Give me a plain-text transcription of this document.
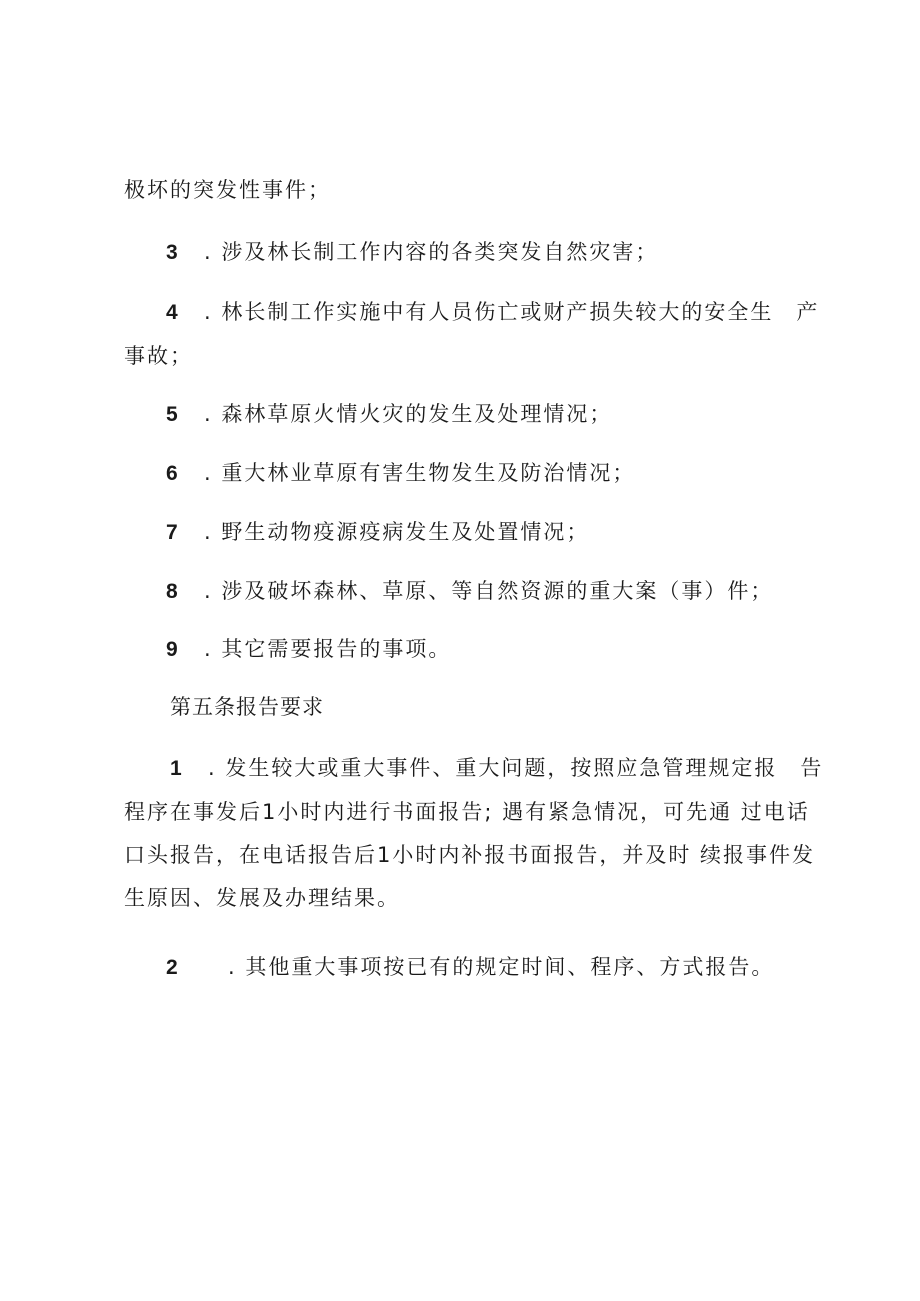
极坏的突发性事件；
3 . 涉及林长制工作内容的各类突发自然灾害；
4 . 林长制工作实施中有人员伤亡或财产损失较大的安全生　产
事故；
5 . 森林草原火情火灾的发生及处理情况；
6 . 重大林业草原有害生物发生及防治情况；
7 . 野生动物疫源疫病发生及处置情况；
8 . 涉及破坏森林、草原、等自然资源的重大案（事）件；
9 . 其它需要报告的事项。
第五条报告要求
1 . 发生较大或重大事件、重大问题，按照应急管理规定报　告
程序在事发后1小时内进行书面报告; 遇有紧急情况，可先通 过电话
口头报告，在电话报告后1小时内补报书面报告，并及时 续报事件发
生原因、发展及办理结果。
2 . 其他重大事项按已有的规定时间、程序、方式报告。
